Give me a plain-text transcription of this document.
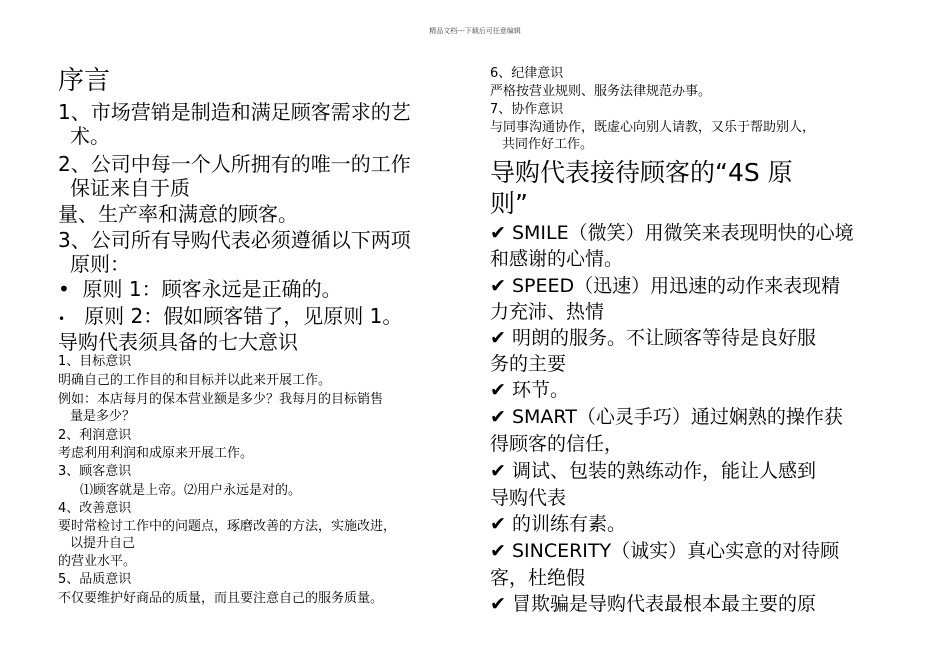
精品文档---下载后可任意编辑
序言
1、市场营销是制造和满足顾客需求的艺
术。
2、公司中每一个人所拥有的唯一的工作
保证来自于质
量、生产率和满意的顾客。
3、公司所有导购代表必须遵循以下两项
原则：
• 原则 1：顾客永远是正确的。
• 原则 2：假如顾客错了，见原则 1。
导购代表须具备的七大意识
1、目标意识
明确自己的工作目的和目标并以此来开展工作。
例如：本店每月的保本营业额是多少？我每月的目标销售
量是多少？
2、利润意识
考虑利用利润和成原来开展工作。
3、顾客意识
⑴顾客就是上帝。⑵用户永远是对的。
4、改善意识
要时常检讨工作中的问题点，琢磨改善的方法，实施改进，
以提升自己
的营业水平。
5、品质意识
不仅要维护好商品的质量，而且要注意自己的服务质量。
6、纪律意识
严格按营业规则、服务法律规范办事。
7、协作意识
与同事沟通协作，既虚心向别人请教，又乐于帮助别人，
共同作好工作。
导购代表接待顾客的“4S 原
则”
✔ SMILE（微笑）用微笑来表现明快的心境
和感谢的心情。
✔ SPEED（迅速）用迅速的动作来表现精
力充沛、热情
✔ 明朗的服务。不让顾客等待是良好服
务的主要
✔ 环节。
✔ SMART（心灵手巧）通过娴熟的操作获
得顾客的信任，
✔ 调试、包装的熟练动作，能让人感到
导购代表
✔ 的训练有素。
✔ SINCERITY（诚实）真心实意的对待顾
客，杜绝假
✔ 冒欺骗是导购代表最根本最主要的原
